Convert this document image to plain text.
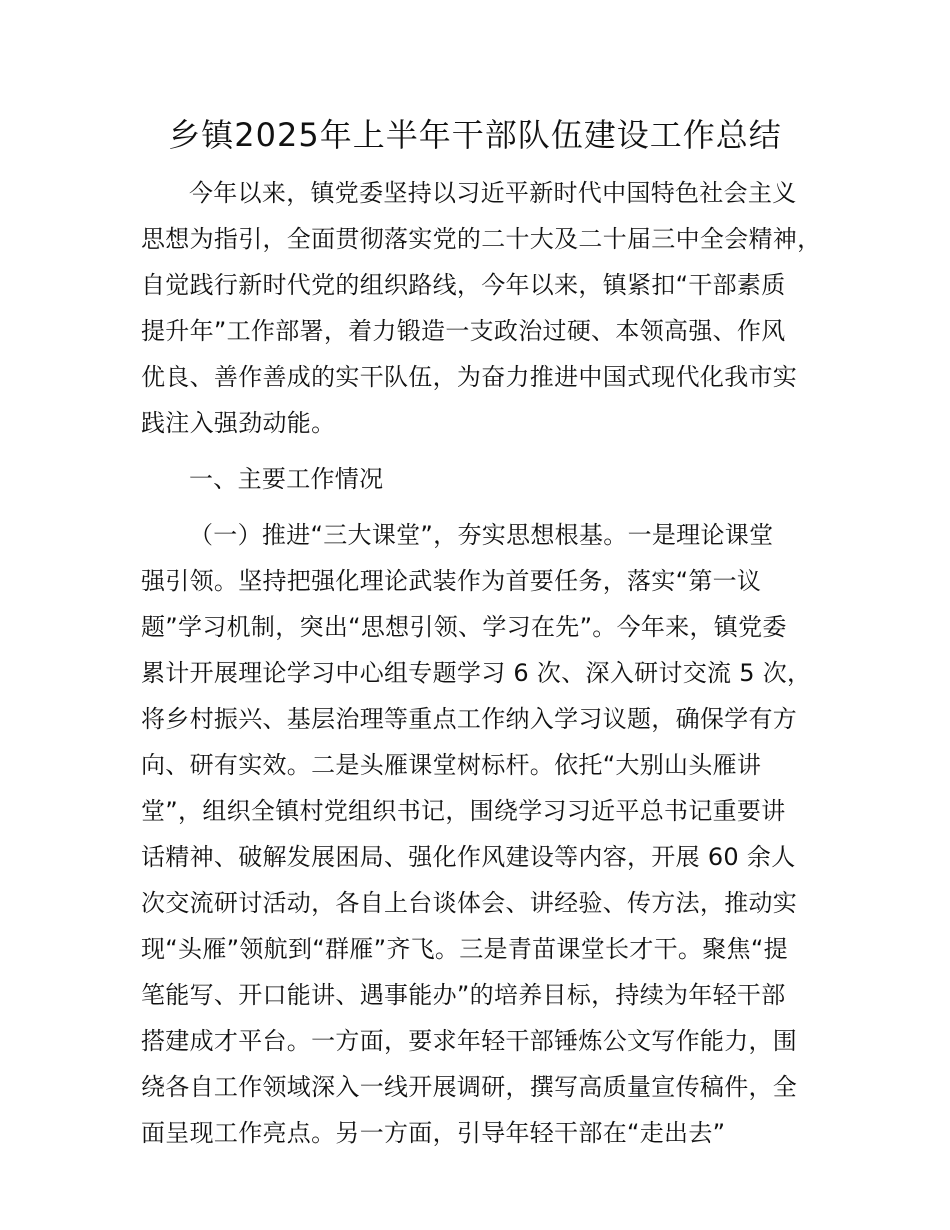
乡镇2025年上半年干部队伍建设工作总结
今年以来，镇党委坚持以习近平新时代中国特色社会主义
思想为指引，全面贯彻落实党的二十大及二十届三中全会精神，
自觉践行新时代党的组织路线，今年以来，镇紧扣“干部素质
提升年”工作部署，着力锻造一支政治过硬、本领高强、作风
优良、善作善成的实干队伍，为奋力推进中国式现代化我市实
践注入强劲动能。
一、主要工作情况
（一）推进“三大课堂”，夯实思想根基。一是理论课堂
强引领。坚持把强化理论武装作为首要任务，落实“第一议
题”学习机制，突出“思想引领、学习在先”。今年来，镇党委
累计开展理论学习中心组专题学习 6 次、深入研讨交流 5 次，
将乡村振兴、基层治理等重点工作纳入学习议题，确保学有方
向、研有实效。二是头雁课堂树标杆。依托“大别山头雁讲
堂”，组织全镇村党组织书记，围绕学习习近平总书记重要讲
话精神、破解发展困局、强化作风建设等内容，开展 60 余人
次交流研讨活动，各自上台谈体会、讲经验、传方法，推动实
现“头雁”领航到“群雁”齐飞。三是青苗课堂长才干。聚焦“提
笔能写、开口能讲、遇事能办”的培养目标，持续为年轻干部
搭建成才平台。一方面，要求年轻干部锤炼公文写作能力，围
绕各自工作领域深入一线开展调研，撰写高质量宣传稿件，全
面呈现工作亮点。另一方面，引导年轻干部在“走出去”
